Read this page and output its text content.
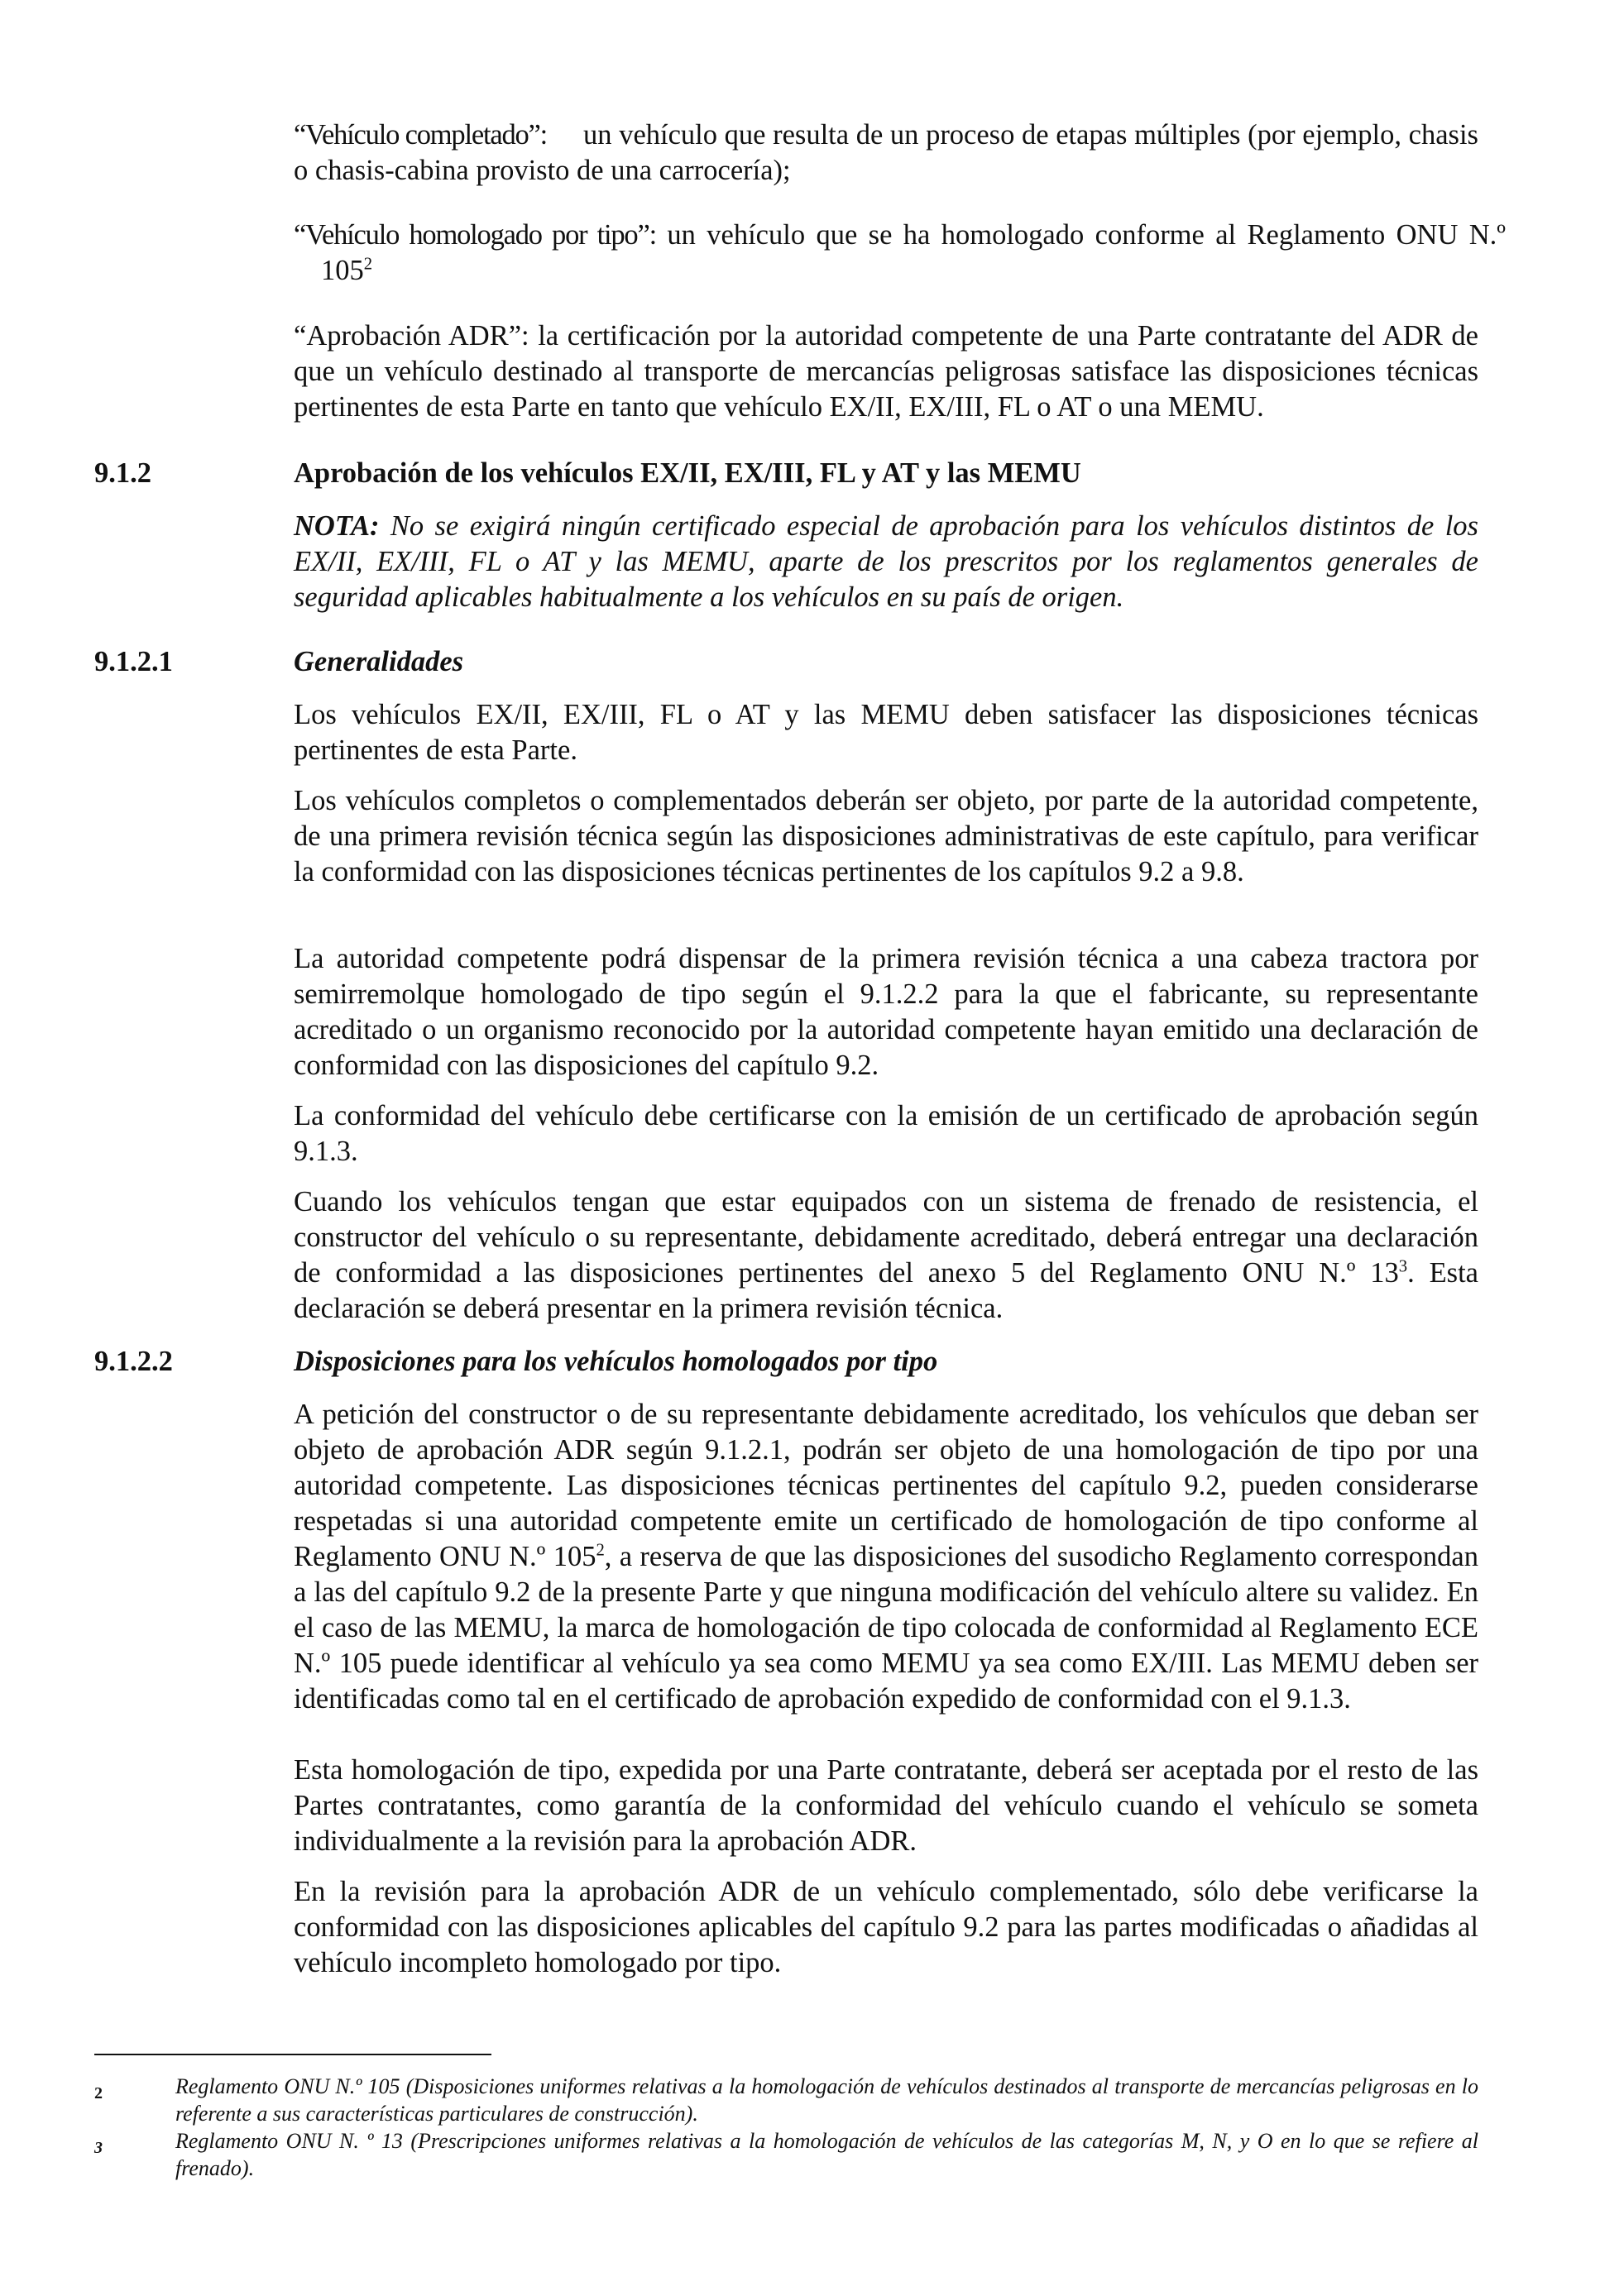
“Vehículo completado”: un vehículo que resulta de un proceso de etapas múltiples (por ejemplo, chasis o chasis-cabina provisto de una carrocería);
“Vehículo homologado por tipo”: un vehículo que se ha homologado conforme al Reglamento ONU N.º $105^2$
“Aprobación ADR”: la certificación por la autoridad competente de una Parte contratante del ADR de que un vehículo destinado al transporte de mercancías peligrosas satisface las disposiciones técnicas pertinentes de esta Parte en tanto que vehículo EX/II, EX/III, FL o AT o una MEMU.
9.1.2	Aprobación de los vehículos EX/II, EX/III, FL y AT y las MEMU
NOTA: No se exigirá ningún certificado especial de aprobación para los vehículos distintos de los EX/II, EX/III, FL o AT y las MEMU, aparte de los prescritos por los reglamentos generales de seguridad aplicables habitualmente a los vehículos en su país de origen.
9.1.2.1	Generalidades
Los vehículos EX/II, EX/III, FL o AT y las MEMU deben satisfacer las disposiciones técnicas pertinentes de esta Parte.
Los vehículos completos o complementados deberán ser objeto, por parte de la autoridad competente, de una primera revisión técnica según las disposiciones administrativas de este capítulo, para verificar la conformidad con las disposiciones técnicas pertinentes de los capítulos 9.2 a 9.8.
La autoridad competente podrá dispensar de la primera revisión técnica a una cabeza tractora por semirremolque homologado de tipo según el 9.1.2.2 para la que el fabricante, su representante acreditado o un organismo reconocido por la autoridad competente hayan emitido una declaración de conformidad con las disposiciones del capítulo 9.2.
La conformidad del vehículo debe certificarse con la emisión de un certificado de aprobación según 9.1.3.
Cuando los vehículos tengan que estar equipados con un sistema de frenado de resistencia, el constructor del vehículo o su representante, debidamente acreditado, deberá entregar una declaración de conformidad a las disposiciones pertinentes del anexo 5 del Reglamento ONU N.º $13^3$. Esta declaración se deberá presentar en la primera revisión técnica.
9.1.2.2	Disposiciones para los vehículos homologados por tipo
A petición del constructor o de su representante debidamente acreditado, los vehículos que deban ser objeto de aprobación ADR según 9.1.2.1, podrán ser objeto de una homologación de tipo por una autoridad competente. Las disposiciones técnicas pertinentes del capítulo 9.2, pueden considerarse respetadas si una autoridad competente emite un certificado de homologación de tipo conforme al Reglamento ONU N.º $105^2$, a reserva de que las disposiciones del susodicho Reglamento correspondan a las del capítulo 9.2 de la presente Parte y que ninguna modificación del vehículo altere su validez. En el caso de las MEMU, la marca de homologación de tipo colocada de conformidad al Reglamento ECE N.º 105 puede identificar al vehículo ya sea como MEMU ya sea como EX/III. Las MEMU deben ser identificadas como tal en el certificado de aprobación expedido de conformidad con el 9.1.3.
Esta homologación de tipo, expedida por una Parte contratante, deberá ser aceptada por el resto de las Partes contratantes, como garantía de la conformidad del vehículo cuando el vehículo se someta individualmente a la revisión para la aprobación ADR.
En la revisión para la aprobación ADR de un vehículo complementado, sólo debe verificarse la conformidad con las disposiciones aplicables del capítulo 9.2 para las partes modificadas o añadidas al vehículo incompleto homologado por tipo.
2	Reglamento ONU N.º 105 (Disposiciones uniformes relativas a la homologación de vehículos destinados al transporte de mercancías peligrosas en lo referente a sus características particulares de construcción).
3	Reglamento ONU N. º 13 (Prescripciones uniformes relativas a la homologación de vehículos de las categorías M, N, y O en lo que se refiere al frenado).
